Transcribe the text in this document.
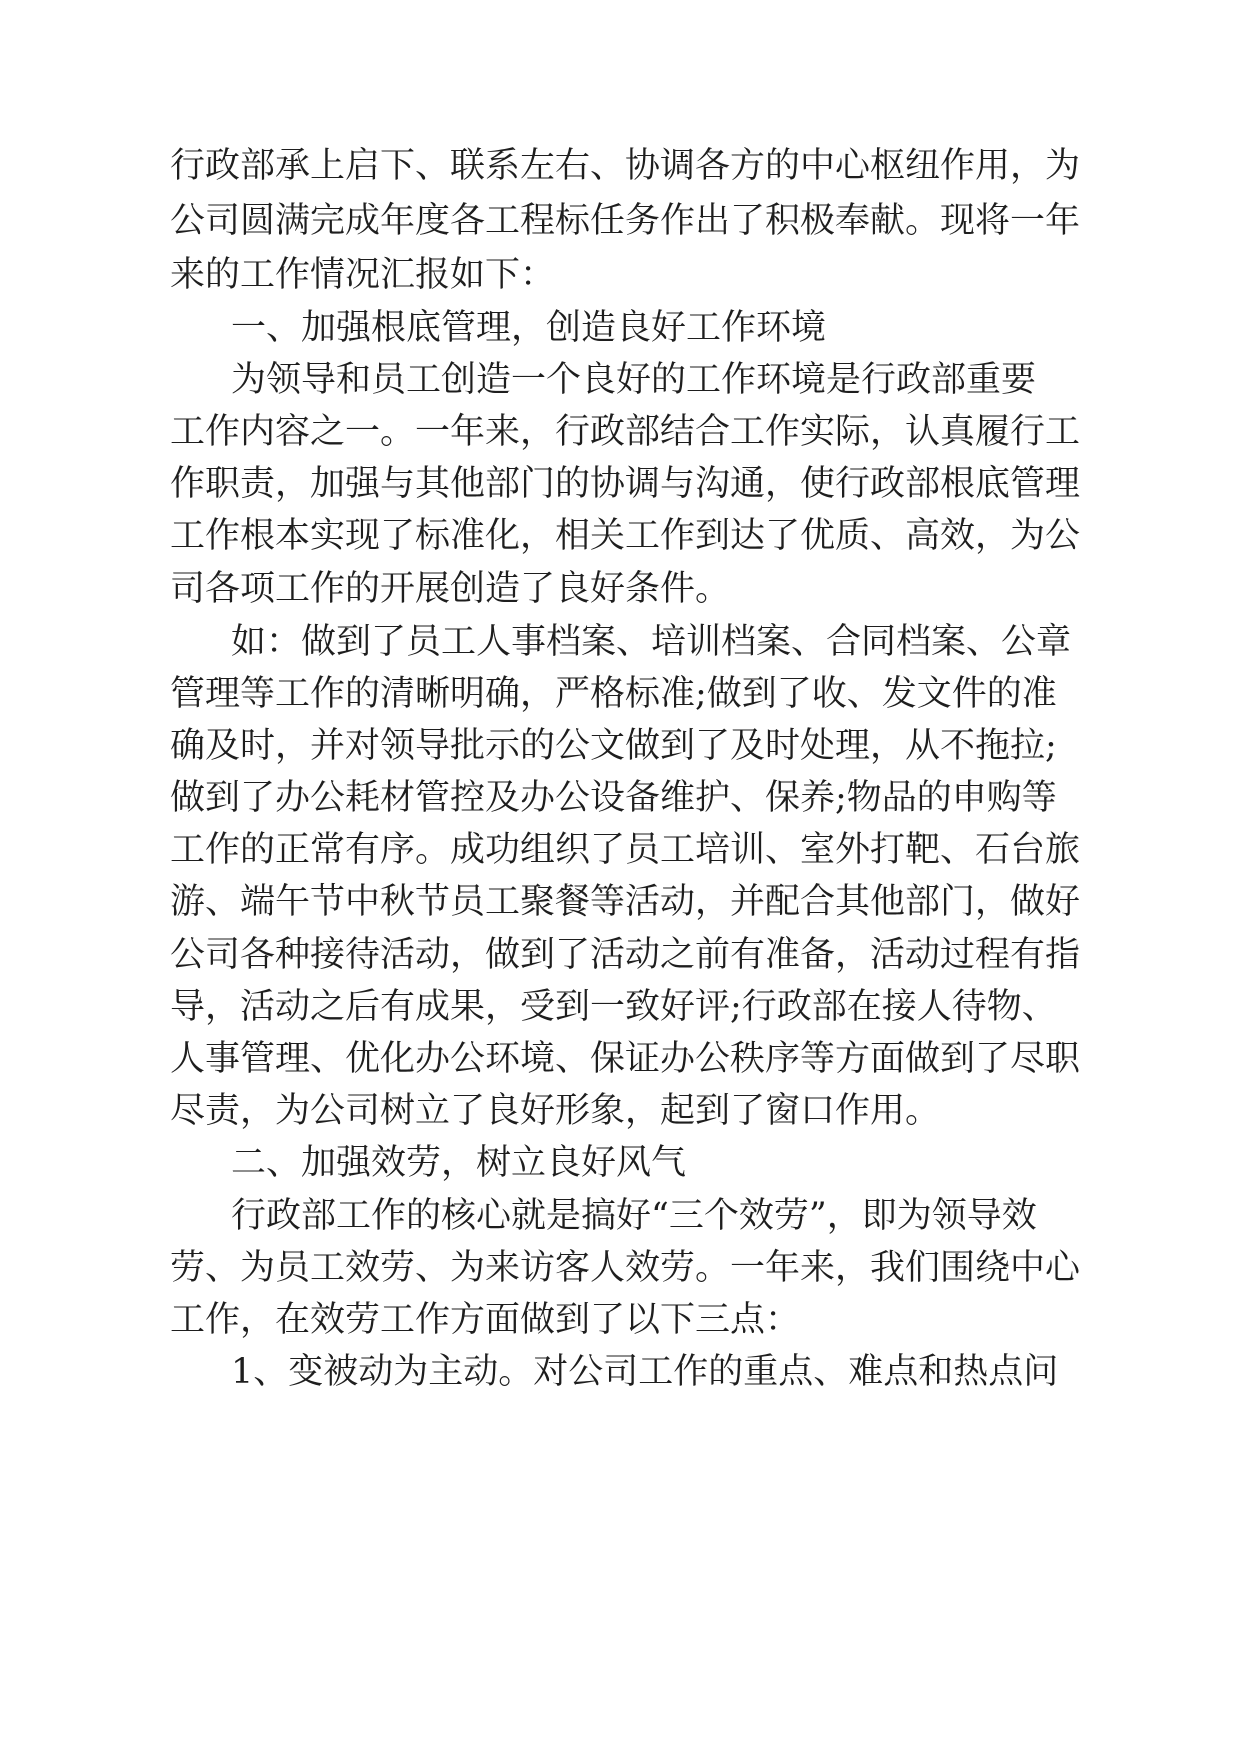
行政部承上启下、联系左右、协调各方的中心枢纽作用，为
公司圆满完成年度各工程标任务作出了积极奉献。现将一年
来的工作情况汇报如下：
一、加强根底管理，创造良好工作环境
为领导和员工创造一个良好的工作环境是行政部重要
工作内容之一。一年来，行政部结合工作实际，认真履行工
作职责，加强与其他部门的协调与沟通，使行政部根底管理
工作根本实现了标准化，相关工作到达了优质、高效，为公
司各项工作的开展创造了良好条件。
如：做到了员工人事档案、培训档案、合同档案、公章
管理等工作的清晰明确，严格标准;做到了收、发文件的准
确及时，并对领导批示的公文做到了及时处理，从不拖拉;
做到了办公耗材管控及办公设备维护、保养;物品的申购等
工作的正常有序。成功组织了员工培训、室外打靶、石台旅
游、端午节中秋节员工聚餐等活动，并配合其他部门，做好
公司各种接待活动，做到了活动之前有准备，活动过程有指
导，活动之后有成果，受到一致好评;行政部在接人待物、
人事管理、优化办公环境、保证办公秩序等方面做到了尽职
尽责，为公司树立了良好形象，起到了窗口作用。
二、加强效劳，树立良好风气
行政部工作的核心就是搞好“三个效劳”，即为领导效
劳、为员工效劳、为来访客人效劳。一年来，我们围绕中心
工作，在效劳工作方面做到了以下三点：
1、变被动为主动。对公司工作的重点、难点和热点问
